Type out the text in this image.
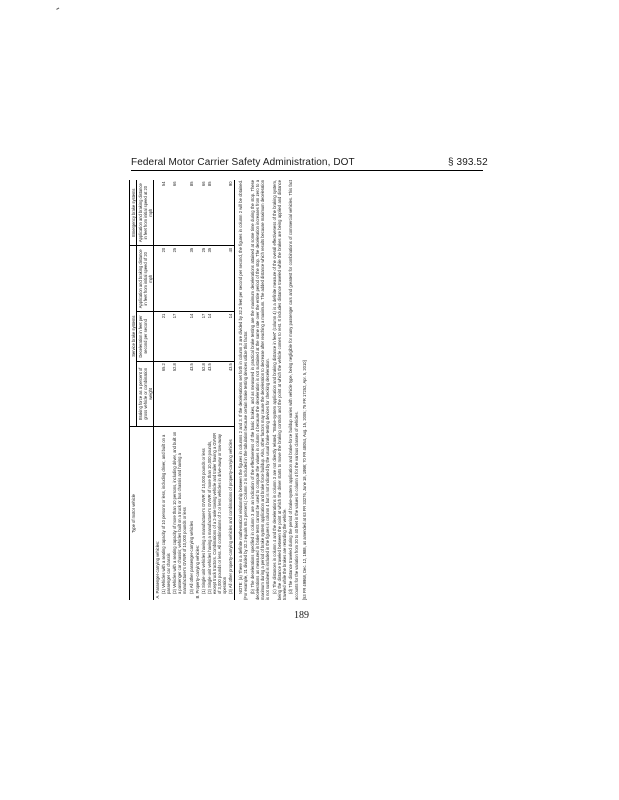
Federal Motor Carrier Safety Administration, DOT	§ 393.52
Type of motor vehicle	Service brake systems			Emergency brake systems
	Braking force as a percent of gross vehicle or combination weight	Deceleration in feet per second per second	Application and braking distance in feet from initial speed of 20 mph	Application and braking distance in feet from initial speed at 20 mph
A. Passenger-carrying vehicles:				
(1) Vehicles with a seating capacity of 10 persons or less, including driver, and built on a passenger car chassis	65.2	21	20	54
(2) Vehicles with a seating capacity of more than 10 persons, including driver, and built on a passenger car chassis; vehicles built on a truck or bus chassis and having a manufacturer's GVWR of 10,000 pounds or less	52.8	17	25	66
(3) All other passenger-carrying vehicles	43.5	14	35	85
B. Property-carrying vehicles:				
(1) Single unit vehicles having a manufacturer's GVWR of 10,000 pounds or less	52.8	17	25	66
(2) Single unit vehicles having a manufacturer's GVWR of more than 10,000 pounds, except truck tractors. Combinations of a 2-axle towing vehicle and trailer having a GVWR of 3,000 pounds or less. All combinations of 2 or less vehicles in drive-away or tow-away operation	43.5	14	35	85
(3) All other property-carrying vehicles and combinations of property-carrying vehicles	43.5	14	40	90 NOTE: (a) There is a definite mathematical relationship between the figures in columns 2 and 3. If the decelerations set forth in column 3 are divided by 32.2 feet per second per second, the figures in column 2 will be obtained. (For example, 21 divided by 32.2 equals 65.2 percent.) Column 2 is included in the tabulation because certain brake testing devices utilize this factor. (b) The decelerations specified in column 3 are an indication of the effectiveness of the basic brakes, and as measured in practical brake testing are the maximum decelerations attained at some time during the stop. These decelerations as measured in brake tests cannot be used to compute the values in column 4 because the deceleration is not sustained at the same rate over the entire period of the stop. The deceleration increases from zero to a maximum during a period of brake system application and brake force buildup. Also, other factors may cause the deceleration to decrease after reaching a maximum. The added distance which results because maximum deceleration is not sustained is included in the figures in column 4 but is not indicated by the usual brake-testing devices for checking deceleration. (c) The distances in column 4 and the decelerations in column 3 are not directly related. "Brake-system application and braking distance in feet" (column 4) is a definite measure of the overall effectiveness of the braking system, being the distance traveled between the point at which the driver starts to move the braking controls and the point at which the vehicle comes to rest. It includes distance traveled while the brakes are being applied and distance traveled while the brakes are retarding the vehicle. (d) The distance traveled during the period of brake-system application and brake-force buildup varies with vehicle type, being negligible for many passenger cars and greatest for combinations of commercial vehicles. This fact accounts for the variation from 20 to 40 feet in the values in column 4 for the various classes of vehicles. [53 FR 49968, Dec. 12, 1988, as amended at 63 FR 33276, June 18, 1998; 70 FR 48054, Aug. 15, 2005; 75 FR 17252, Apr. 5, 2010]
189
